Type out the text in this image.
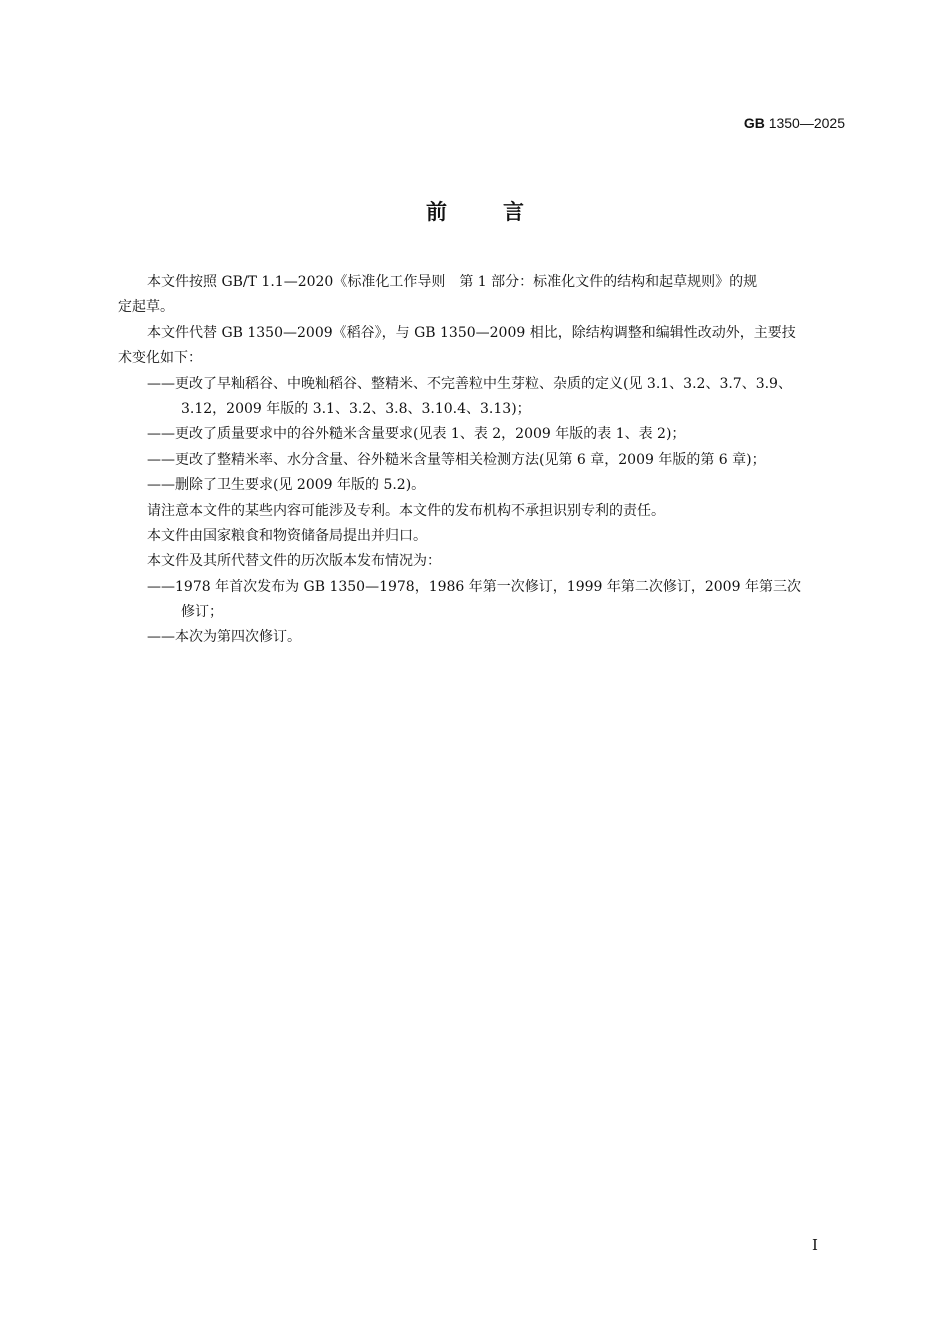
GB 1350—2025
前言
本文件按照 GB/T 1.1—2020《标准化工作导则　第 1 部分：标准化文件的结构和起草规则》的规
定起草。
本文件代替 GB 1350—2009《稻谷》，与 GB 1350—2009 相比，除结构调整和编辑性改动外，主要技
术变化如下：
——更改了早籼稻谷、中晚籼稻谷、整精米、不完善粒中生芽粒、杂质的定义(见 3.1、3.2、3.7、3.9、
3.12，2009 年版的 3.1、3.2、3.8、3.10.4、3.13)；
——更改了质量要求中的谷外糙米含量要求(见表 1、表 2，2009 年版的表 1、表 2)；
——更改了整精米率、水分含量、谷外糙米含量等相关检测方法(见第 6 章，2009 年版的第 6 章)；
——删除了卫生要求(见 2009 年版的 5.2)。
请注意本文件的某些内容可能涉及专利。本文件的发布机构不承担识别专利的责任。
本文件由国家粮食和物资储备局提出并归口。
本文件及其所代替文件的历次版本发布情况为：
——1978 年首次发布为 GB 1350—1978，1986 年第一次修订，1999 年第二次修订，2009 年第三次
修订；
——本次为第四次修订。
I
